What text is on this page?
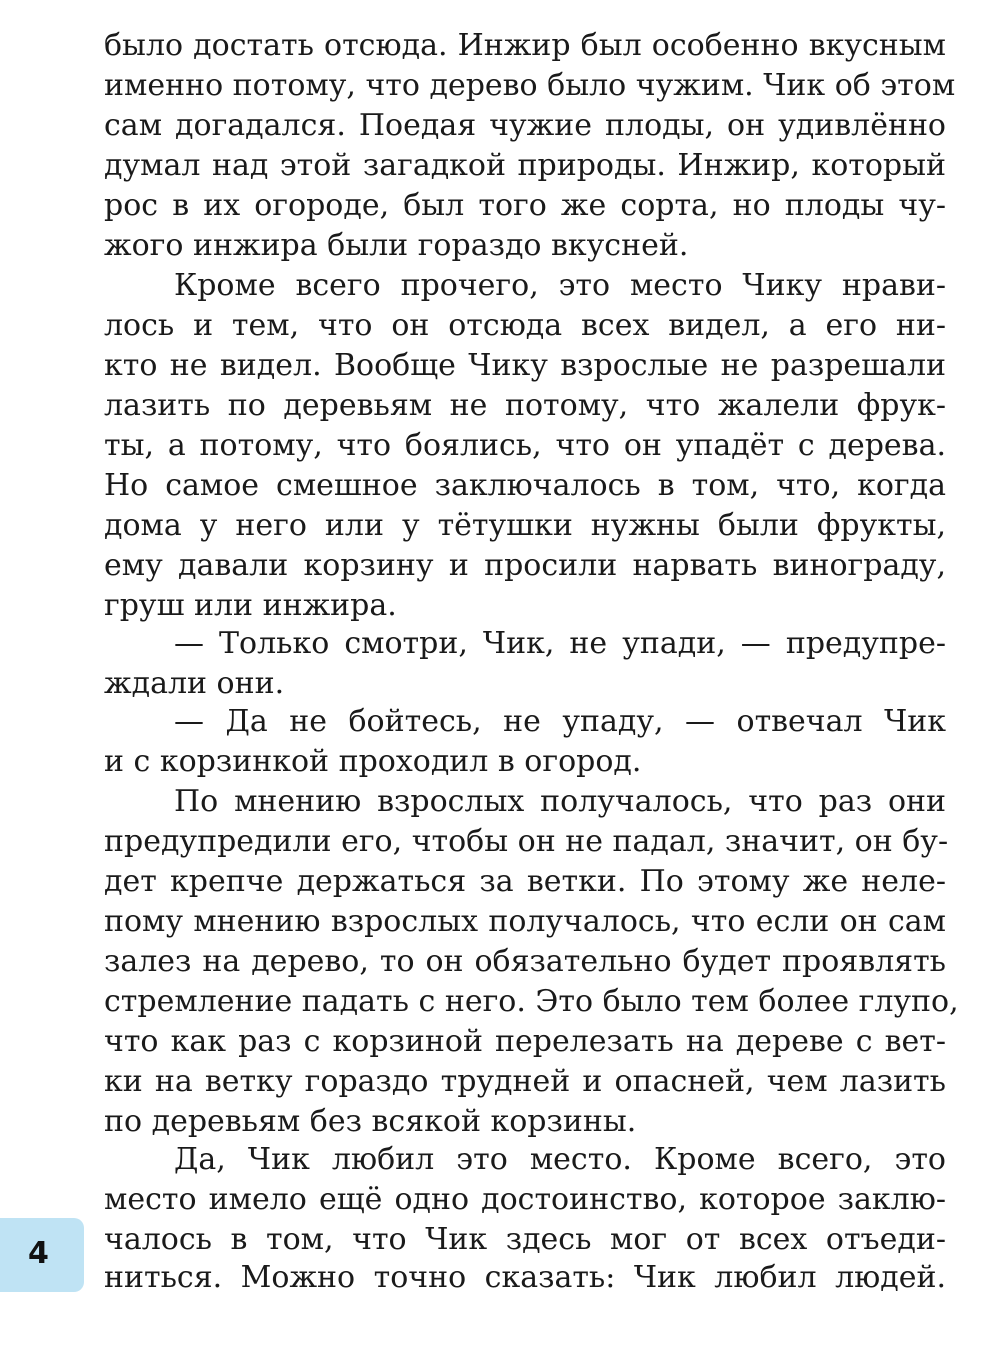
было достать отсюда. Инжир был особенно вкусным
именно потому, что дерево было чужим. Чик об этом
сам догадался. Поедая чужие плоды, он удивлённо
думал над этой загадкой природы. Инжир, который
рос в их огороде, был того же сорта, но плоды чу-
жого инжира были гораздо вкусней.
Кроме всего прочего, это место Чику нрави-
лось и тем, что он отсюда всех видел, а его ни-
кто не видел. Вообще Чику взрослые не разрешали
лазить по деревьям не потому, что жалели фрук-
ты, а потому, что боялись, что он упадёт с дерева.
Но самое смешное заключалось в том, что, когда
дома у него или у тётушки нужны были фрукты,
ему давали корзину и просили нарвать винограду,
груш или инжира.
— Только смотри, Чик, не упади, — предупре-
ждали они.
— Да не бойтесь, не упаду, — отвечал Чик
и с корзинкой проходил в огород.
По мнению взрослых получалось, что раз они
предупредили его, чтобы он не падал, значит, он бу-
дет крепче держаться за ветки. По этому же неле-
пому мнению взрослых получалось, что если он сам
залез на дерево, то он обязательно будет проявлять
стремление падать с него. Это было тем более глупо,
что как раз с корзиной перелезать на дереве с вет-
ки на ветку гораздо трудней и опасней, чем лазить
по деревьям без всякой корзины.
Да, Чик любил это место. Кроме всего, это
место имело ещё одно достоинство, которое заклю-
чалось в том, что Чик здесь мог от всех отъеди-
ниться. Можно точно сказать: Чик любил людей.
4
